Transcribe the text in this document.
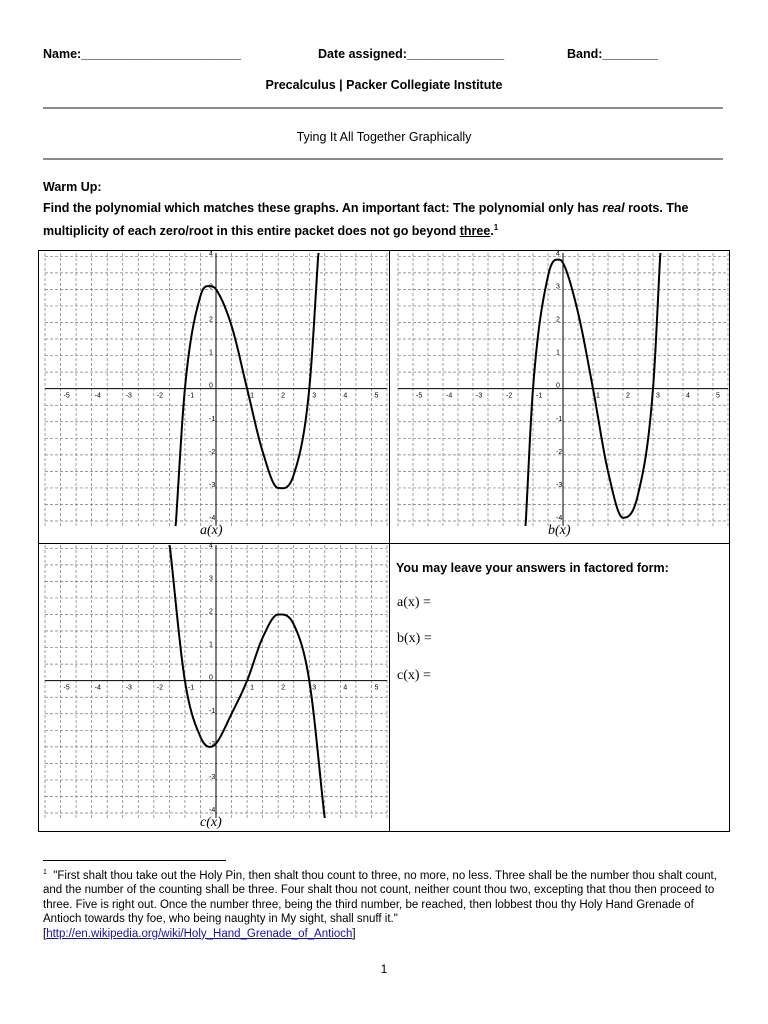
Name:_______________________	Date assigned:______________	Band:________
Precalculus | Packer Collegiate Institute
Tying It All Together Graphically
Warm Up:
Find the polynomial which matches these graphs. An important fact: The polynomial only has real roots. The multiplicity of each zero/root in this entire packet does not go beyond three.$^1$
-5	-4	-3	-2	-1	1	2	3	4	5
4
3
2
1
0
-1
-2
-3
-4
-5	-4	-3	-2	-1	1	2	3	4	5
4
3
2
1
0
-1
-2
-3
-4
-5	-4	-3	-2	-1	1	2	3	4	5
4
3
2
1
0
-1
-2
-3
-4
a(x)	b(x)
c(x)
You may leave your answers in factored form:
a(x) =
b(x) =
c(x) =
$^1$ "First shalt thou take out the Holy Pin, then shalt thou count to three, no more, no less. Three shall be the number thou shalt count, and the number of the counting shall be three. Four shalt thou not count, neither count thou two, excepting that thou then proceed to three. Five is right out. Once the number three, being the third number, be reached, then lobbest thou thy Holy Hand Grenade of Antioch towards thy foe, who being naughty in My sight, shall snuff it."
[http://en.wikipedia.org/wiki/Holy_Hand_Grenade_of_Antioch]
1
